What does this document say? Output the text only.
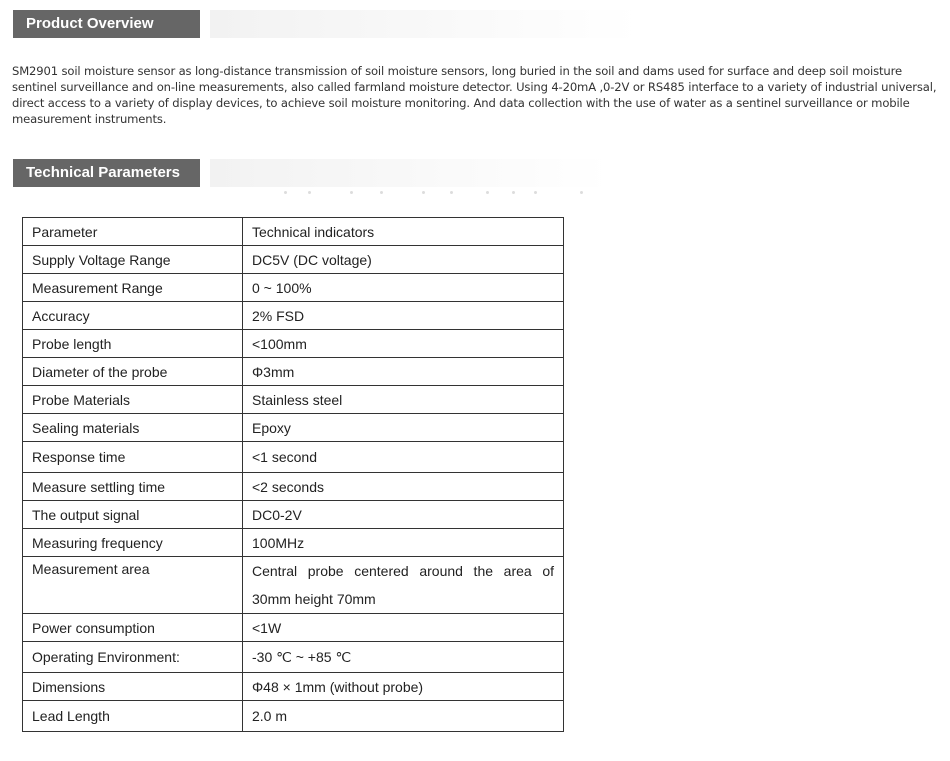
Product Overview

SM2901 soil moisture sensor as long-distance transmission of soil moisture sensors, long buried in the soil and dams used for surface and deep soil moisture sentinel surveillance and on-line measurements, also called farmland moisture detector. Using 4-20mA ,0-2V or RS485 interface to a variety of industrial universal, direct access to a variety of display devices, to achieve soil moisture monitoring. And data collection with the use of water as a sentinel surveillance or mobile measurement instruments.

Technical Parameters
Parameter	Technical indicators
Supply Voltage Range	DC5V (DC voltage)
Measurement Range	0 ~ 100%
Accuracy	2% FSD
Probe length	<100mm
Diameter of the probe	Φ3mm
Probe Materials	Stainless steel
Sealing materials	Epoxy
Response time	<1 second
Measure settling time	<2 seconds
The output signal	DC0-2V
Measuring frequency	100MHz
Measurement area	Central probe centered around the area of 30mm height 70mm
Power consumption	<1W
Operating Environment:	-30 ℃ ~ +85 ℃
Dimensions	Φ48 × 1mm (without probe)
Lead Length	2.0 m
